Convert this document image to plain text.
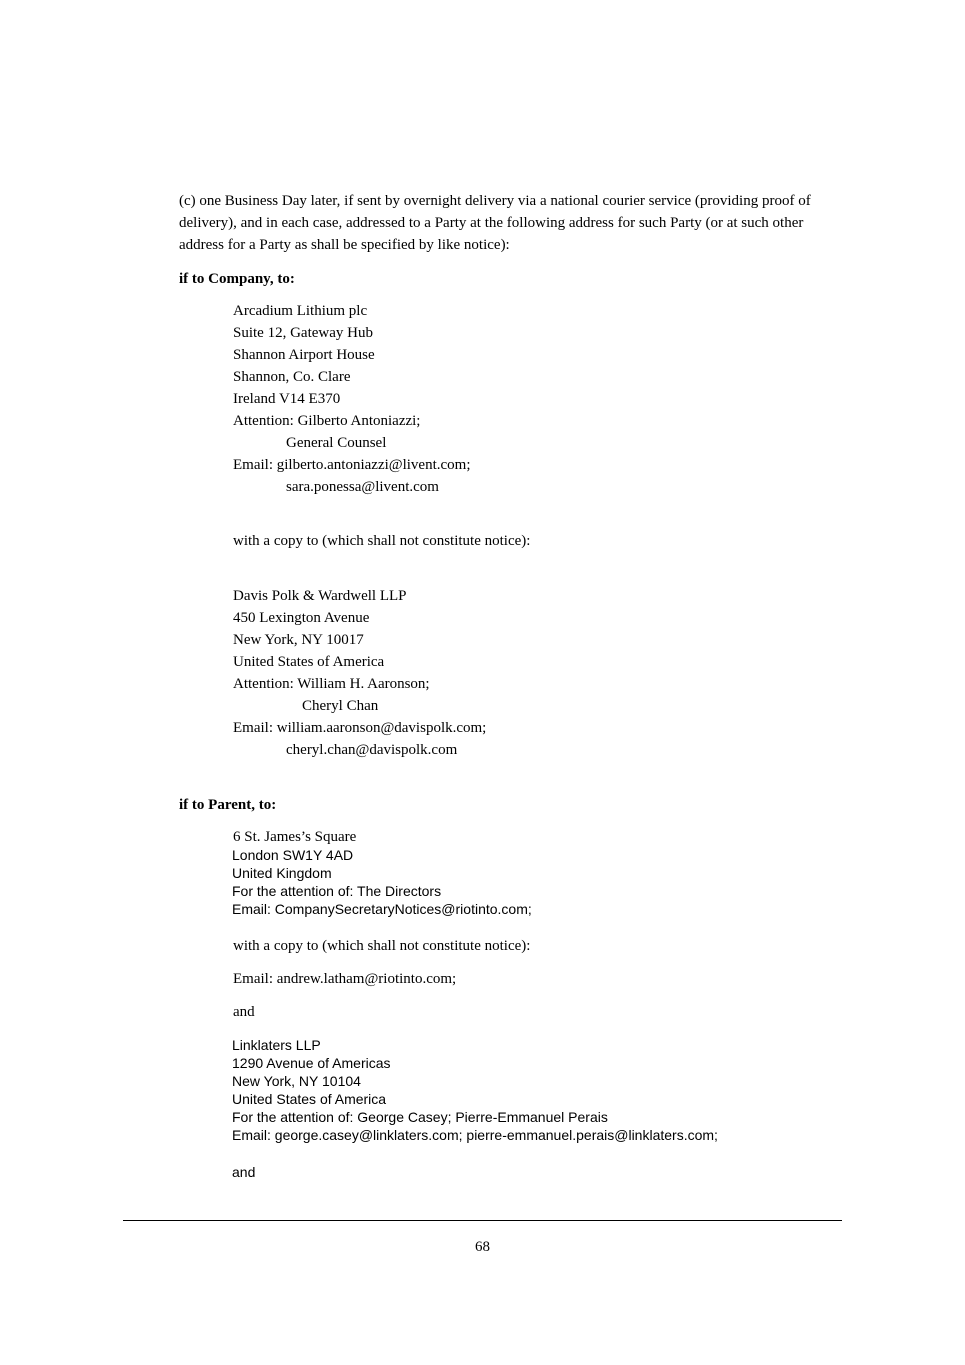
(c) one Business Day later, if sent by overnight delivery via a national courier service (providing proof of delivery), and in each case, addressed to a Party at the following address for such Party (or at such other address for a Party as shall be specified by like notice):

if to Company, to:
Arcadium Lithium plc
Suite 12, Gateway Hub
Shannon Airport House
Shannon, Co. Clare
Ireland V14 E370
Attention: Gilberto Antoniazzi;
General Counsel
Email: gilberto.antoniazzi@livent.com;
sara.ponessa@livent.com
with a copy to (which shall not constitute notice):
Davis Polk & Wardwell LLP
450 Lexington Avenue
New York, NY 10017
United States of America
Attention: William H. Aaronson;
Cheryl Chan
Email: william.aaronson@davispolk.com;
cheryl.chan@davispolk.com
if to Parent, to:
6 St. James’s Square
London SW1Y 4AD
United Kingdom
For the attention of: The Directors
Email: CompanySecretaryNotices@riotinto.com;
with a copy to (which shall not constitute notice):
Email: andrew.latham@riotinto.com;
and
Linklaters LLP
1290 Avenue of Americas
New York, NY 10104
United States of America
For the attention of: George Casey; Pierre-Emmanuel Perais
Email: george.casey@linklaters.com; pierre-emmanuel.perais@linklaters.com;
and
68
